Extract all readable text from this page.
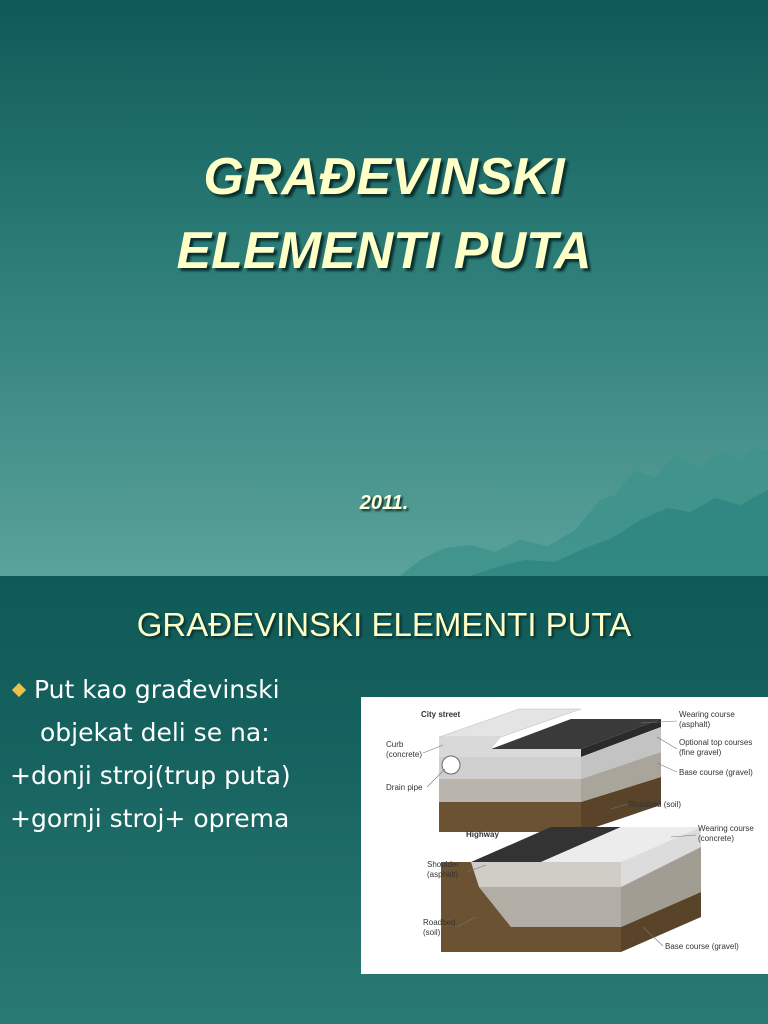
GRAĐEVINSKI
ELEMENTI PUTA
2011.
GRAĐEVINSKI ELEMENTI PUTA
Put kao građevinski
objekat deli se na:
+donji stroj(trup puta)
+gornji stroj+ oprema
City street
Curb
(concrete)
Drain pipe
Wearing course
(asphalt)
Optional top courses
(fine gravel)
Base course (gravel)
Roadbed (soil)
Highway
Wearing course
(concrete)
Shoulder
(asphalt)
Roadbed
(soil)
Base course (gravel)
